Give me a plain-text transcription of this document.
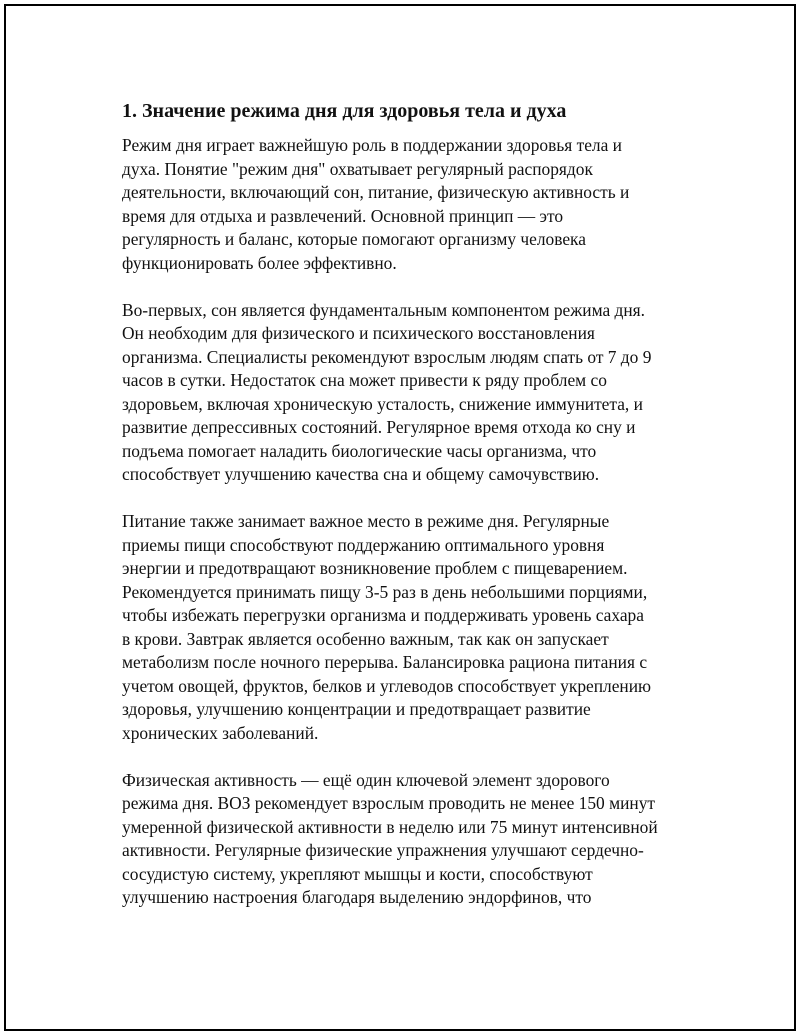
1. Значение режима дня для здоровья тела и духа

Режим дня играет важнейшую роль в поддержании здоровья тела и
духа. Понятие "режим дня" охватывает регулярный распорядок
деятельности, включающий сон, питание, физическую активность и
время для отдыха и развлечений. Основной принцип — это
регулярность и баланс, которые помогают организму человека
функционировать более эффективно.

Во-первых, сон является фундаментальным компонентом режима дня.
Он необходим для физического и психического восстановления
организма. Специалисты рекомендуют взрослым людям спать от 7 до 9
часов в сутки. Недостаток сна может привести к ряду проблем со
здоровьем, включая хроническую усталость, снижение иммунитета, и
развитие депрессивных состояний. Регулярное время отхода ко сну и
подъема помогает наладить биологические часы организма, что
способствует улучшению качества сна и общему самочувствию.

Питание также занимает важное место в режиме дня. Регулярные
приемы пищи способствуют поддержанию оптимального уровня
энергии и предотвращают возникновение проблем с пищеварением.
Рекомендуется принимать пищу 3-5 раз в день небольшими порциями,
чтобы избежать перегрузки организма и поддерживать уровень сахара
в крови. Завтрак является особенно важным, так как он запускает
метаболизм после ночного перерыва. Балансировка рациона питания с
учетом овощей, фруктов, белков и углеводов способствует укреплению
здоровья, улучшению концентрации и предотвращает развитие
хронических заболеваний.

Физическая активность — ещё один ключевой элемент здорового
режима дня. ВОЗ рекомендует взрослым проводить не менее 150 минут
умеренной физической активности в неделю или 75 минут интенсивной
активности. Регулярные физические упражнения улучшают сердечно-
сосудистую систему, укрепляют мышцы и кости, способствуют
улучшению настроения благодаря выделению эндорфинов, что
